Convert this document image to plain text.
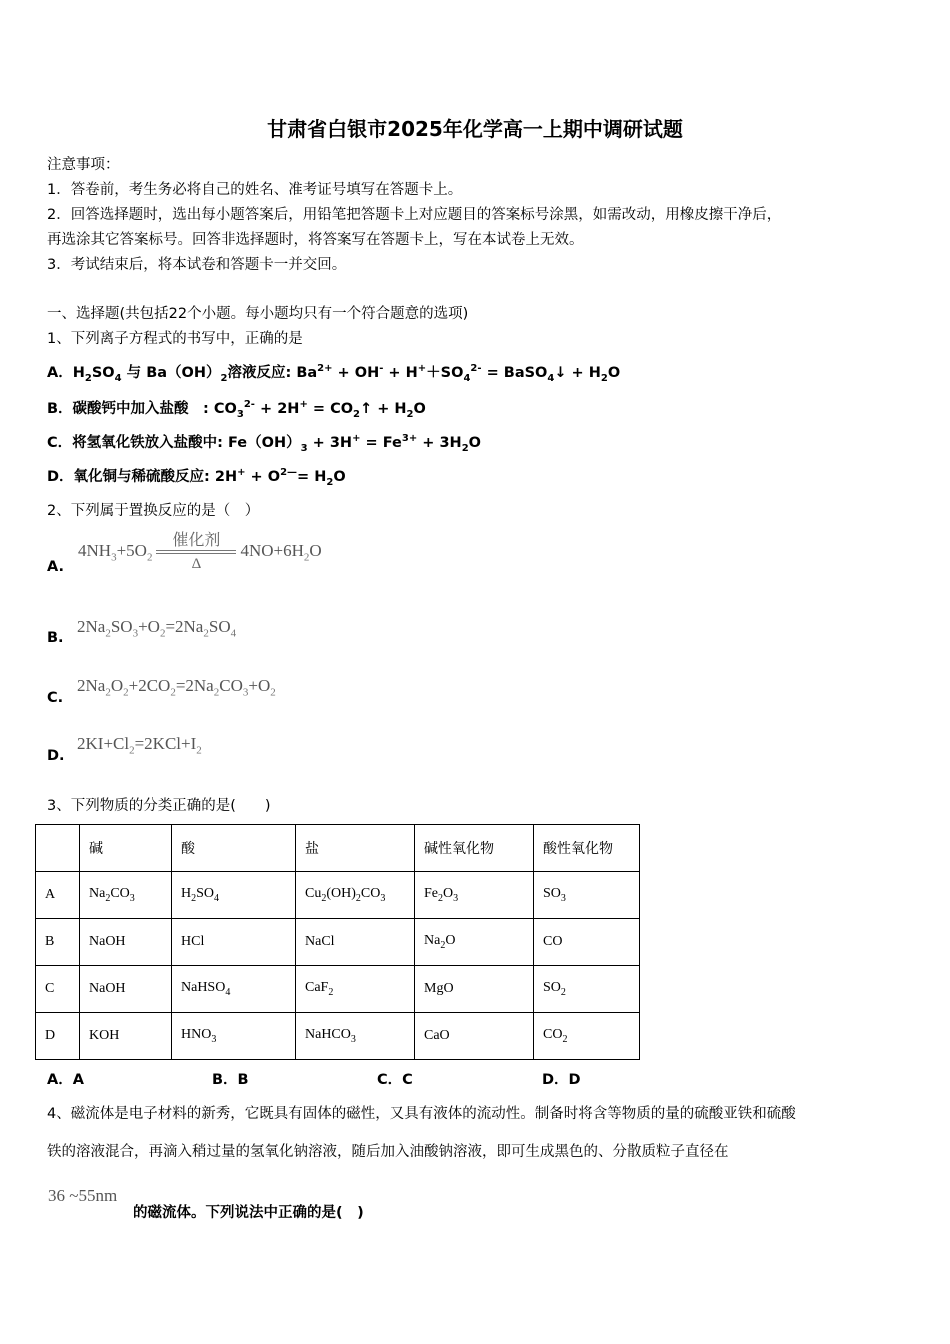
甘肃省白银市2025年化学高一上期中调研试题
注意事项：
1．答卷前，考生务必将自己的姓名、准考证号填写在答题卡上。
2．回答选择题时，选出每小题答案后，用铅笔把答题卡上对应题目的答案标号涂黑，如需改动，用橡皮擦干净后，
再选涂其它答案标号。回答非选择题时，将答案写在答题卡上，写在本试卷上无效。
3．考试结束后，将本试卷和答题卡一并交回。
一、选择题(共包括22个小题。每小题均只有一个符合题意的选项)
1、下列离子方程式的书写中，正确的是
A．$H_2SO_4$ 与 $Ba(OH)_2$溶液反应: $Ba^{2+} + OH^- + H^++SO_4^{2-}$ = BaSO$_4$↓ + $H_2O$
B．碳酸钙中加入盐酸　: $CO_3^{2-} + 2H^+$ = $CO_2↑ + H_2O$
C．将氢氧化铁放入盐酸中: $Fe(OH)_3 + 3H^+ = Fe^{3+} + 3H_2O$
D．氧化铜与稀硫酸反应: $2H^+ + O^{2—}= H_2O$
2、下列属于置换反应的是（　）
A.
$4NH_3+5O_2 \frac{\text{催化剂}}{\Delta} 4NO+6H_2O$
B.
$2Na_2SO_3+O_2=2Na_2SO_4$
C.
$2Na_2O_2+2CO_2=2Na_2CO_3+O_2$
D.
$2KI+Cl_2=2KCl+I_2$
3、下列物质的分类正确的是(　　)
	碱	酸	盐	碱性氧化物	酸性氧化物
A	$Na_2CO_3$	$H_2SO_4$	$Cu_2(OH)_2CO_3$	$Fe_2O_3$	$SO_3$
B	NaOH	HCl	NaCl	$Na_2O$	CO
C	NaOH	NaHSO$_4$	CaF$_2$	MgO	$SO_2$
D	KOH	$HNO_3$	NaHCO$_3$	CaO	$CO_2$
A．A	B．B	C．C	D．D
4、磁流体是电子材料的新秀，它既具有固体的磁性，又具有液体的流动性。制备时将含等物质的量的硫酸亚铁和硫酸
铁的溶液混合，再滴入稍过量的氢氧化钠溶液，随后加入油酸钠溶液，即可生成黑色的、分散质粒子直径在
36 ~55nm
的磁流体。下列说法中正确的是(　)
